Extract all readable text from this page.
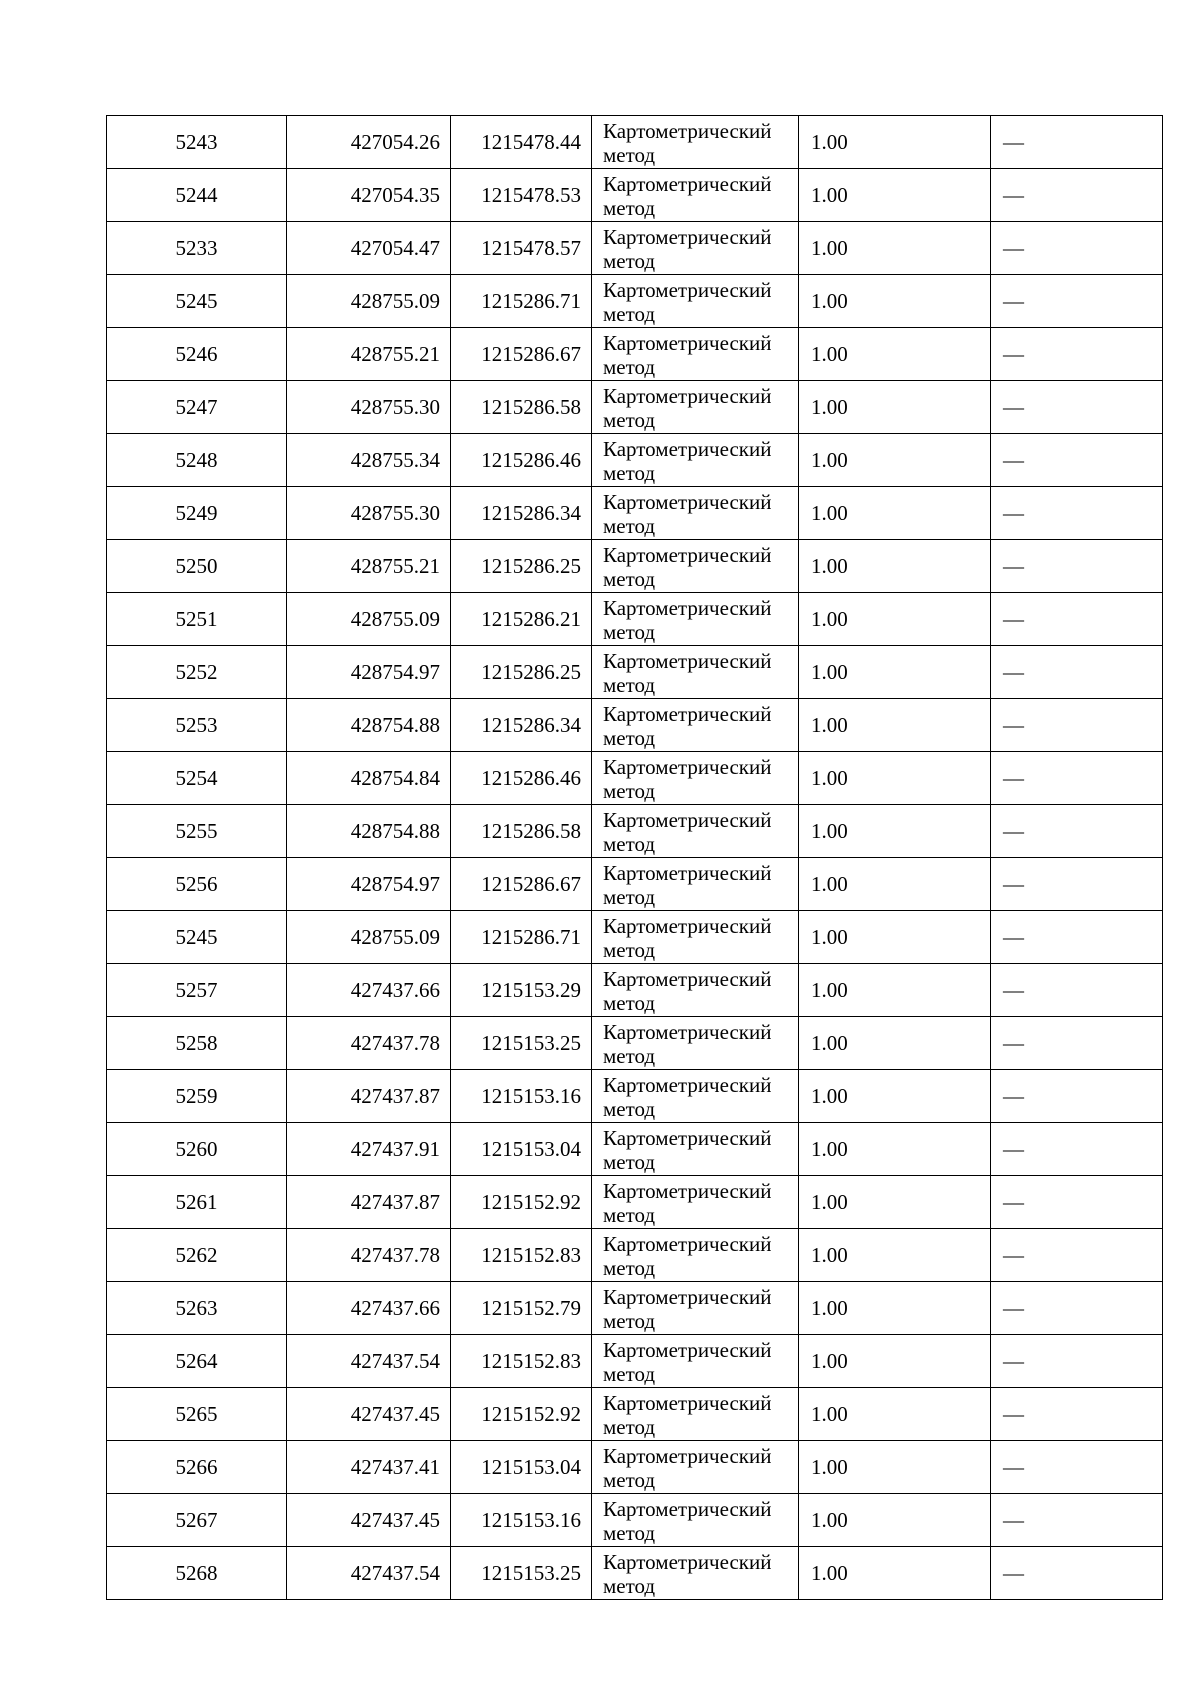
5243	427054.26	1215478.44	Картометрический метод	1.00	—
5244	427054.35	1215478.53	Картометрический метод	1.00	—
5233	427054.47	1215478.57	Картометрический метод	1.00	—
5245	428755.09	1215286.71	Картометрический метод	1.00	—
5246	428755.21	1215286.67	Картометрический метод	1.00	—
5247	428755.30	1215286.58	Картометрический метод	1.00	—
5248	428755.34	1215286.46	Картометрический метод	1.00	—
5249	428755.30	1215286.34	Картометрический метод	1.00	—
5250	428755.21	1215286.25	Картометрический метод	1.00	—
5251	428755.09	1215286.21	Картометрический метод	1.00	—
5252	428754.97	1215286.25	Картометрический метод	1.00	—
5253	428754.88	1215286.34	Картометрический метод	1.00	—
5254	428754.84	1215286.46	Картометрический метод	1.00	—
5255	428754.88	1215286.58	Картометрический метод	1.00	—
5256	428754.97	1215286.67	Картометрический метод	1.00	—
5245	428755.09	1215286.71	Картометрический метод	1.00	—
5257	427437.66	1215153.29	Картометрический метод	1.00	—
5258	427437.78	1215153.25	Картометрический метод	1.00	—
5259	427437.87	1215153.16	Картометрический метод	1.00	—
5260	427437.91	1215153.04	Картометрический метод	1.00	—
5261	427437.87	1215152.92	Картометрический метод	1.00	—
5262	427437.78	1215152.83	Картометрический метод	1.00	—
5263	427437.66	1215152.79	Картометрический метод	1.00	—
5264	427437.54	1215152.83	Картометрический метод	1.00	—
5265	427437.45	1215152.92	Картометрический метод	1.00	—
5266	427437.41	1215153.04	Картометрический метод	1.00	—
5267	427437.45	1215153.16	Картометрический метод	1.00	—
5268	427437.54	1215153.25	Картометрический метод	1.00	—
